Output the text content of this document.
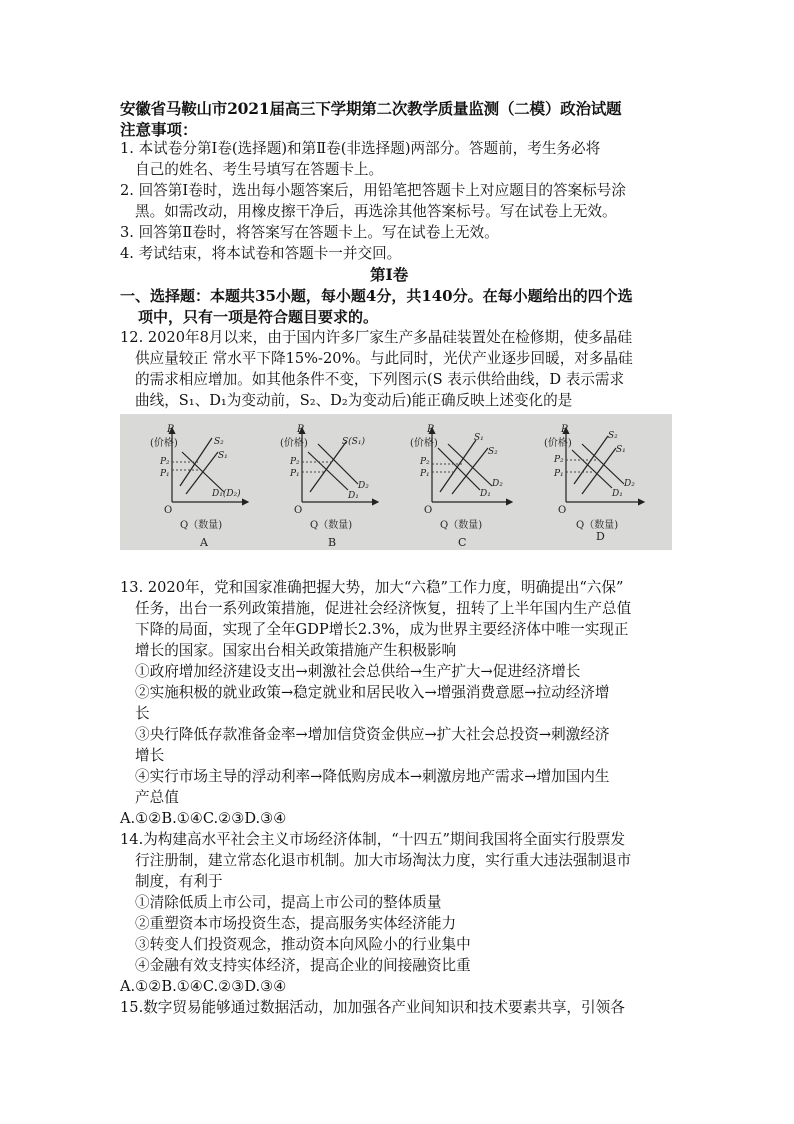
安徽省马鞍山市2021届高三下学期第二次教学质量监测（二模）政治试题
注意事项：
1. 本试卷分第Ⅰ卷(选择题)和第Ⅱ卷(非选择题)两部分。答题前，考生务必将
自己的姓名、考生号填写在答题卡上。
2. 回答第Ⅰ卷时，选出每小题答案后，用铅笔把答题卡上对应题目的答案标号涂
黑。如需改动，用橡皮擦干净后，再选涂其他答案标号。写在试卷上无效。
3. 回答第Ⅱ卷时，将答案写在答题卡上。写在试卷上无效。
4. 考试结束，将本试卷和答题卡一并交回。
第Ⅰ卷
一、选择题：本题共35小题，每小题4分，共140分。在每小题给出的四个选
项中，只有一项是符合题目要求的。
12. 2020年8月以来，由于国内许多厂家生产多晶硅装置处在检修期，使多晶硅
供应量较正 常水平下降15%-20%。与此同时，光伏产业逐步回暖，对多晶硅
的需求相应增加。如其他条件不变，下列图示(S 表示供给曲线，D 表示需求
曲线，S₁、D₁为变动前，S₂、D₂为变动后)能正确反映上述变化的是
P
(价格)
O
Q（数量)
S₂
S₁
P₂
P₁
D₁(D₂)
A
P
(价格)
O
Q（数量)
S(S₁)
P₂
P₁
D₂
D₁
B
P
(价格)
O
Q（数量)
S₁
S₂
P₂
P₁
D₁
D₂
C
P
(价格)
O
Q（数量)
S₂
S₁
P₂
P₁
D₂
D₁
D
13. 2020年，党和国家准确把握大势，加大“六稳”工作力度，明确提出“六保”
任务，出台一系列政策措施，促进社会经济恢复，扭转了上半年国内生产总值
下降的局面，实现了全年GDP增长2.3%，成为世界主要经济体中唯一实现正
增长的国家。国家出台相关政策措施产生积极影响
①政府增加经济建设支出→刺激社会总供给→生产扩大→促进经济增长
②实施积极的就业政策→稳定就业和居民收入→增强消费意愿→拉动经济增
长
③央行降低存款准备金率→增加信贷资金供应→扩大社会总投资→刺激经济
增长
④实行市场主导的浮动利率→降低购房成本→刺激房地产需求→增加国内生
产总值
A.①②B.①④C.②③D.③④
14.为构建高水平社会主义市场经济体制，“十四五”期间我国将全面实行股票发
行注册制，建立常态化退市机制。加大市场淘汰力度，实行重大违法强制退市
制度，有利于
①清除低质上市公司，提高上市公司的整体质量
②重塑资本市场投资生态，提高服务实体经济能力
③转变人们投资观念，推动资本向风险小的行业集中
④金融有效支持实体经济，提高企业的间接融资比重
A.①②B.①④C.②③D.③④
15.数字贸易能够通过数据活动，加加强各产业间知识和技术要素共享，引领各
